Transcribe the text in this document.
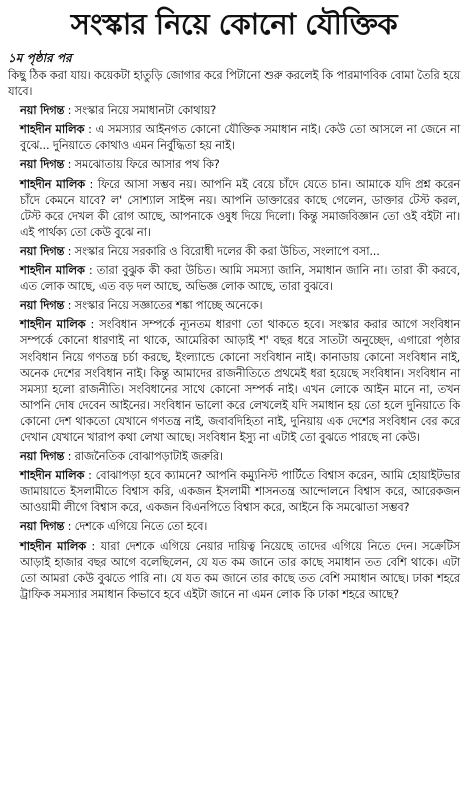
সংস্কার নিয়ে কোনো যৌক্তিক
১ম পৃষ্ঠার পর
কিছু ঠিক করা যায়। কয়েকটা হাতুড়ি জোগার করে পিটানো শুরু করলেই কি পারমাণবিক বোমা তৈরি হয়ে যাবে।
নয়া দিগন্ত : সংস্কার নিয়ে সমাধানটা কোথায়?
শাহদীন মালিক : এ সমস্যার আইনগত কোনো যৌক্তিক সমাধান নাই। কেউ তো আসলে না জেনে না বুঝে... দুনিয়াতে কোথাও এমন নির্বুদ্ধিতা হয় নাই।
নয়া দিগন্ত : সমঝোতায় ফিরে আসার পথ কি?
শাহদীন মালিক : ফিরে আসা সম্ভব নয়। আপনি মই বেয়ে চাঁদে যেতে চান। আমাকে যদি প্রশ্ন করেন চাঁদে কেমনে যাবে? ল' সোশ্যাল সাইন্স নয়। আপনি ডাক্তারের কাছে গেলেন, ডাক্তার টেস্ট করল, টেস্ট করে দেখল কী রোগ আছে, আপনাকে ওষুধ দিয়ে দিলো। কিন্তু সমাজবিজ্ঞান তো ওই বইটা না। এই পার্থক্য তো কেউ বুঝে না।
নয়া দিগন্ত : সংস্কার নিয়ে সরকারি ও বিরোধী দলের কী করা উচিত, সংলাপে বসা...
শাহদীন মালিক : তারা বুঝুক কী করা উচিত। আমি সমস্যা জানি, সমাধান জানি না। তারা কী করবে, এত লোক আছে, এত বড় দল আছে, অভিজ্ঞ লোক আছে, তারা বুঝবে।
নয়া দিগন্ত : সংস্কার নিয়ে সজ্ঞাতের শঙ্কা পাচ্ছে অনেকে।
শাহদীন মালিক : সংবিধান সম্পর্কে ন্যূনতম ধারণা তো থাকতে হবে। সংস্কার করার আগে সংবিধান সম্পর্কে কোনো ধারণাই না থাকে, আমেরিকা আড়াই শ' বছর ধরে সাতটা অনুচ্ছেদ, এগারো পৃষ্ঠার সংবিধান নিয়ে গণতন্ত্র চর্চা করছে, ইংল্যান্ডে কোনো সংবিধান নাই। কানাডায় কোনো সংবিধান নাই, অনেক দেশের সংবিধান নাই। কিন্তু আমাদের রাজনীতিতে প্রথমেই ধরা হয়েছে সংবিধান। সংবিধান না সমস্যা হলো রাজনীতি। সংবিধানের সাথে কোনো সম্পর্ক নাই। এখন লোকে আইন মানে না, তখন আপনি দোষ দেবেন আইনের। সংবিধান ভালো করে লেখলেই যদি সমাধান হয় তো হলে দুনিয়াতে কি কোনো দেশ থাকতো যেখানে গণতন্ত্র নাই, জবাবদিহিতা নাই, দুনিয়ায় এক দেশের সংবিধান বের করে দেখান যেখানে খারাপ কথা লেখা আছে। সংবিধান ইস্যু না এটাই তো বুঝতে পারছে না কেউ।
নয়া দিগন্ত : রাজনৈতিক বোঝাপড়াটাই জরুরি।
শাহদীন মালিক : বোঝাপড়া হবে ক্যামনে? আপনি কম্যুনিস্ট পার্টিতে বিশ্বাস করেন, আমি হোয়াইটভার জামায়াতে ইসলামীতে বিশ্বাস করি, একজন ইসলামী শাসনতন্ত্র আন্দোলনে বিশ্বাস করে, আরেকজন আওয়ামী লীগে বিশ্বাস করে, একজন বিএনপিতে বিশ্বাস করে, আইনে কি সমঝোতা সম্ভব?
নয়া দিগন্ত : দেশকে এগিয়ে নিতে তো হবে।
শাহদীন মালিক : যারা দেশকে এগিয়ে নেয়ার দায়িত্ব নিয়েছে তাদের এগিয়ে নিতে দেন। সক্রেটিস আড়াই হাজার বছর আগে বলেছিলেন, যে যত কম জানে তার কাছে সমাধান তত বেশি থাকে। এটা তো আমরা কেউ বুঝতে পারি না। যে যত কম জানে তার কাছে তত বেশি সমাধান আছে। ঢাকা শহরে ট্রাফিক সমস্যার সমাধান কিভাবে হবে এইটা জানে না এমন লোক কি ঢাকা শহরে আছে?
